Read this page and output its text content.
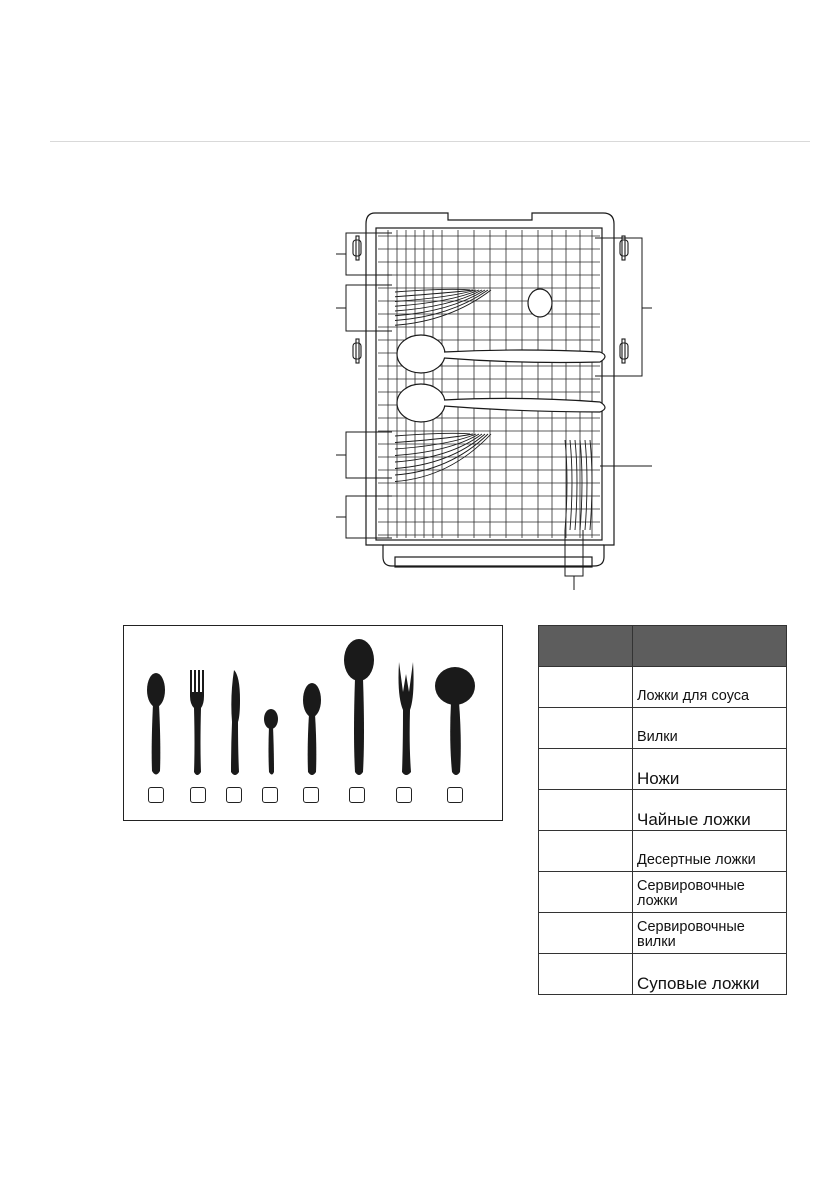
	Ложки для соуса
	Вилки
	Ножи
	Чайные ложки
	Десертные ложки
	Сервировочные ложки
	Сервировочные вилки
	Суповые ложки
